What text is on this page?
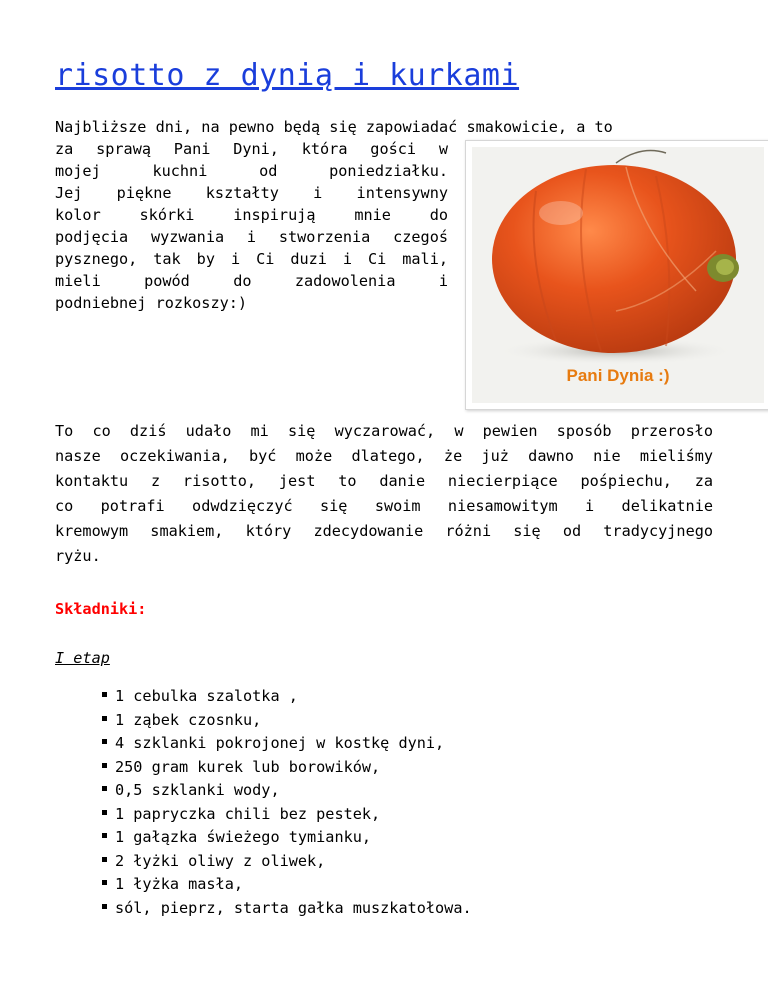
risotto z dynią i kurkami

Najbliższe dni, na pewno będą się zapowiadać smakowicie, a to

za sprawą Pani Dyni, która gości w
mojej kuchni od poniedziałku.
Jej piękne kształty i intensywny
kolor skórki inspirują mnie do
podjęcia wyzwania i stworzenia czegoś
pysznego, tak by i Ci duzi i Ci mali,
mieli powód do zadowolenia i
podniebnej rozkoszy:)

Pani Dynia :)

To co dziś udało mi się wyczarować, w pewien sposób przerosło
nasze oczekiwania, być może dlatego, że już dawno nie mieliśmy
kontaktu z risotto, jest to danie niecierpiące pośpiechu, za
co potrafi odwdzięczyć się swoim niesamowitym i delikatnie
kremowym smakiem, który zdecydowanie różni się od tradycyjnego
ryżu.

Składniki:

I etap

1 cebulka szalotka ,
1 ząbek czosnku,
4 szklanki pokrojonej w kostkę dyni,
250 gram kurek lub borowików,
0,5 szklanki wody,
1 papryczka chili bez pestek,
1 gałązka świeżego tymianku,
2 łyżki oliwy z oliwek,
1 łyżka masła,
sól, pieprz, starta gałka muszkatołowa.
